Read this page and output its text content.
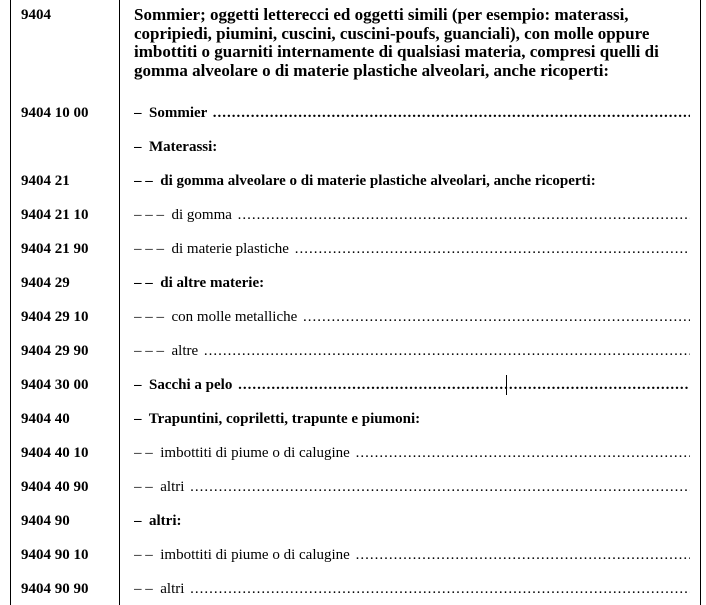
9404	Sommier; oggetti letterecci ed oggetti simili (per esempio: materassi, copripiedi, piumini, cuscini, cuscini-poufs, guanciali), con molle oppure imbottiti o guarniti internamente di qualsiasi materia, compresi quelli di gomma alveolare o di materie plastiche alveolari, anche ricoperti:
9404 10 00	–  Sommier
.....
–  Materassi:
9404 21	– –  di gomma alveolare o di materie plastiche alveolari, anche ricoperti:
9404 21 10	– – –  di gomma
.....
9404 21 90	– – –  di materie plastiche
.....
9404 29	– –  di altre materie:
9404 29 10	– – –  con molle metalliche
.....
9404 29 90	– – –  altre
.....
9404 30 00	–  Sacchi a pelo
.....
9404 40	–  Trapuntini, copriletti, trapunte e piumoni:
9404 40 10	– –  imbottiti di piume o di calugine
.....
9404 40 90	– –  altri
.....
9404 90	–  altri:
9404 90 10	– –  imbottiti di piume o di calugine
.....
9404 90 90	– –  altri
.....
